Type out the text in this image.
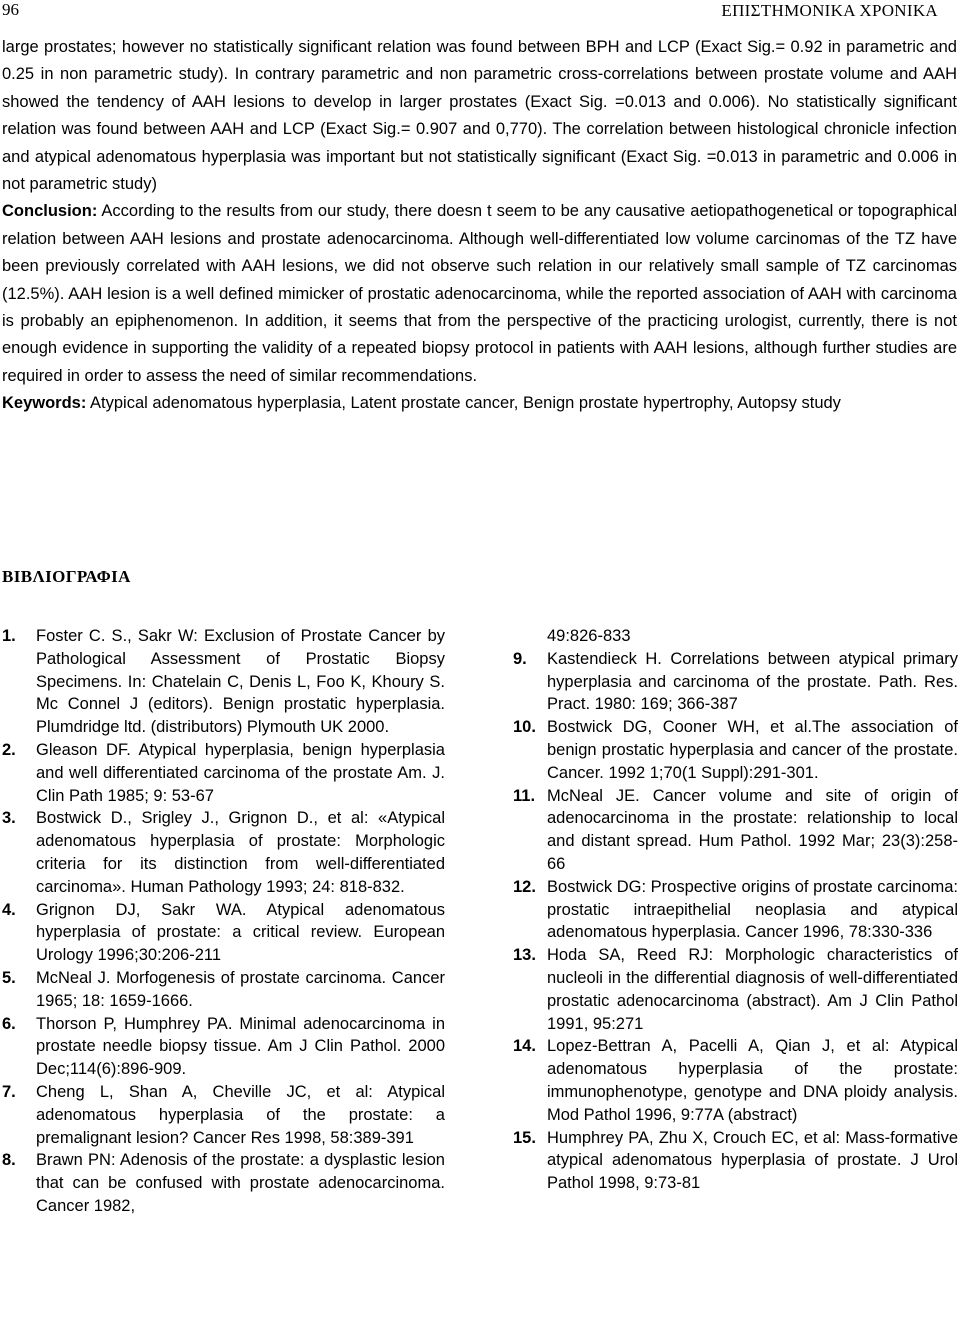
96	ΕΠΙΣΤΗΜΟΝΙΚΑ ΧΡΟΝΙΚΑ

large prostates; however no statistically significant relation was found between BPH and LCP (Exact Sig.= 0.92 in parametric and 0.25 in non parametric study). In contrary parametric and non parametric cross-correlations between prostate volume and AAH showed the tendency of AAH lesions to develop in larger prostates (Exact Sig. =0.013 and 0.006). No statistically significant relation was found between AAH and LCP (Exact Sig.= 0.907 and 0,770). The correlation between histological chronicle infection and atypical adenomatous hyperplasia was important but not statistically significant (Exact Sig. =0.013 in parametric and 0.006 in not parametric study)

Conclusion: According to the results from our study, there doesn t seem to be any causative aetiopathogenetical or topographical relation between AAH lesions and prostate adenocarcinoma. Although well-differentiated low volume carcinomas of the TZ have been previously correlated with AAH lesions, we did not observe such relation in our relatively small sample of TZ carcinomas (12.5%). AAH lesion is a well defined mimicker of prostatic adenocarcinoma, while the reported association of AAH with carcinoma is probably an epiphenomenon. In addition, it seems that from the perspective of the practicing urologist, currently, there is not enough evidence in supporting the validity of a repeated biopsy protocol in patients with AAH lesions, although further studies are required in order to assess the need of similar recommendations.

Keywords: Atypical adenomatous hyperplasia, Latent prostate cancer, Benign prostate hypertrophy, Autopsy study

ΒΙΒΛΙΟΓΡΑΦΙΑ
1. Foster C. S., Sakr W: Exclusion of Prostate Cancer by Pathological Assessment of Prostatic Biopsy Specimens. In: Chatelain C, Denis L, Foo K, Khoury S. Mc Connel J (editors). Benign prostatic hyperplasia. Plumdridge ltd. (distributors) Plymouth UK 2000.
2. Gleason DF. Atypical hyperplasia, benign hyperplasia and well differentiated carcinoma of the prostate Am. J. Clin Path 1985; 9: 53-67
3. Bostwick D., Srigley J., Grignon D., et al: «Atypical adenomatous hyperplasia of prostate: Morphologic criteria for its distinction from well-differentiated carcinoma». Human Pathology 1993; 24: 818-832.
4. Grignon DJ, Sakr WA. Atypical adenomatous hyperplasia of prostate: a critical review. European Urology 1996;30:206-211
5. McNeal J. Morfogenesis of prostate carcinoma. Cancer 1965; 18: 1659-1666.
6. Thorson P, Humphrey PA. Minimal adenocarcinoma in prostate needle biopsy tissue. Am J Clin Pathol. 2000 Dec;114(6):896-909.
7. Cheng L, Shan A, Cheville JC, et al: Atypical adenomatous hyperplasia of the prostate: a premalignant lesion? Cancer Res 1998, 58:389-391
8. Brawn PN: Adenosis of the prostate: a dysplastic lesion that can be confused with prostate adenocarcinoma. Cancer 1982,
49:826-833
9. Kastendieck H. Correlations between atypical primary hyperplasia and carcinoma of the prostate. Path. Res. Pract. 1980: 169; 366-387
10. Bostwick DG, Cooner WH, et al.The association of benign prostatic hyperplasia and cancer of the prostate. Cancer. 1992 1;70(1 Suppl):291-301.
11. McNeal JE. Cancer volume and site of origin of adenocarcinoma in the prostate: relationship to local and distant spread. Hum Pathol. 1992 Mar; 23(3):258-66
12. Bostwick DG: Prospective origins of prostate carcinoma: prostatic intraepithelial neoplasia and atypical adenomatous hyperplasia. Cancer 1996, 78:330-336
13. Hoda SA, Reed RJ: Morphologic characteristics of nucleoli in the differential diagnosis of well-differentiated prostatic adenocarcinoma (abstract). Am J Clin Pathol 1991, 95:271
14. Lopez-Bettran A, Pacelli A, Qian J, et al: Atypical adenomatous hyperplasia of the prostate: immunophenotype, genotype and DNA ploidy analysis. Mod Pathol 1996, 9:77A (abstract)
15. Humphrey PA, Zhu X, Crouch EC, et al: Mass-formative atypical adenomatous hyperplasia of prostate. J Urol Pathol 1998, 9:73-81
